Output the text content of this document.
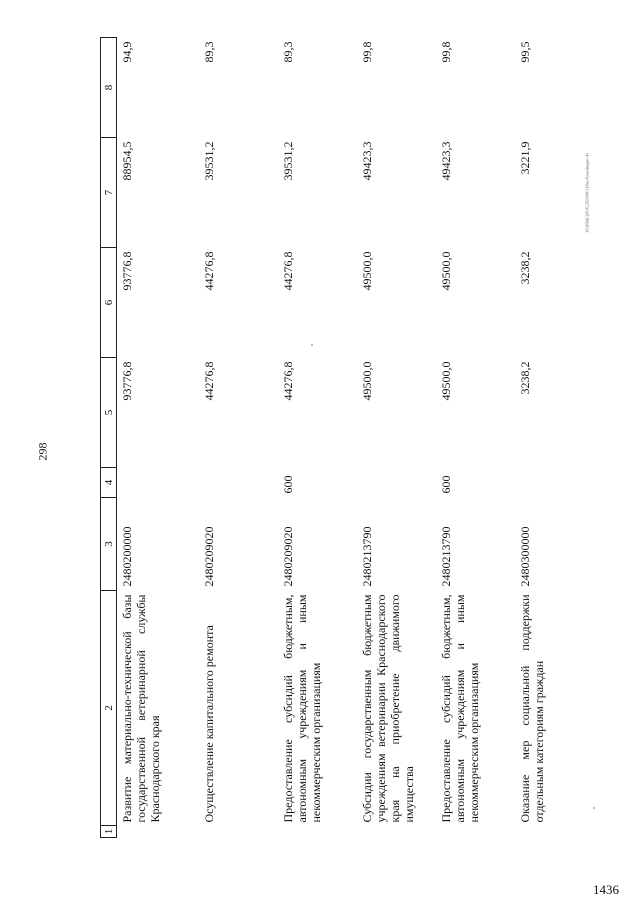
298
20.ЗОБ(С)20.05.2023/09:51/0аз-блан-Бюджт-4+
1	2	3	4	5	6	7	8
	Развитие материально-технической базы государственной ветеринарной службы Краснодарского края	2480200000		93776,8	93776,8	88954,5	94,9
	Осуществление капитального ремонта	2480209020		44276,8	44276,8	39531,2	89,3
	Предоставление субсидий бюджетным, автономным учреждениям и иным некоммерческим организациям	2480209020	600	44276,8	44276,8	39531,2	89,3
	Субсидии государственным бюджетным учреждениям ветеринарии Краснодарского края на приобретение движимого имущества	2480213790		49500,0	49500,0	49423,3	99,8
	Предоставление субсидий бюджетным, автономным учреждениям и иным некоммерческим организациям	2480213790	600	49500,0	49500,0	49423,3	99,8
	Оказание мер социальной поддержки отдельным категориям граждан	2480300000		3238,2	3238,2	3221,9	99,5
1436
